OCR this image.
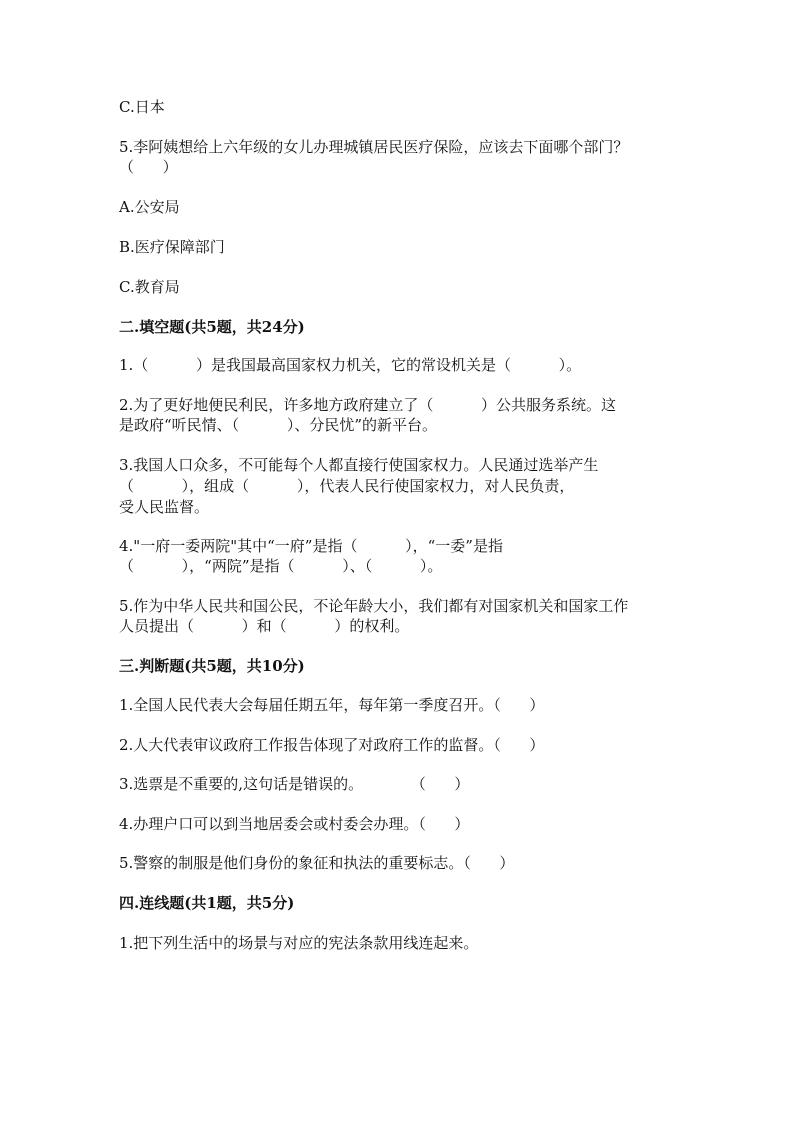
C.日本
5.李阿姨想给上六年级的女儿办理城镇居民医疗保险，应该去下面哪个部门？
（      ）
A.公安局
B.医疗保障部门
C.教育局
二.填空题(共5题，共24分)
1.（          ）是我国最高国家权力机关，它的常设机关是（          ）。
2.为了更好地便民利民，许多地方政府建立了（          ）公共服务系统。这
是政府“听民情、（          ）、分民忧”的新平台。
3.我国人口众多，不可能每个人都直接行使国家权力。人民通过选举产生
（          ），组成（          ），代表人民行使国家权力，对人民负责，
受人民监督。
4."一府一委两院"其中“一府”是指（          ），“一委”是指
（          ），“两院”是指（          ）、（          ）。
5.作为中华人民共和国公民，不论年龄大小，我们都有对国家机关和国家工作
人员提出（          ）和（          ）的权利。
三.判断题(共5题，共10分)
1.全国人民代表大会每届任期五年，每年第一季度召开。（      ）
2.人大代表审议政府工作报告体现了对政府工作的监督。（      ）
3.选票是不重要的,这句话是错误的。          （      ）
4.办理户口可以到当地居委会或村委会办理。（      ）
5.警察的制服是他们身份的象征和执法的重要标志。（      ）
四.连线题(共1题，共5分)
1.把下列生活中的场景与对应的宪法条款用线连起来。
